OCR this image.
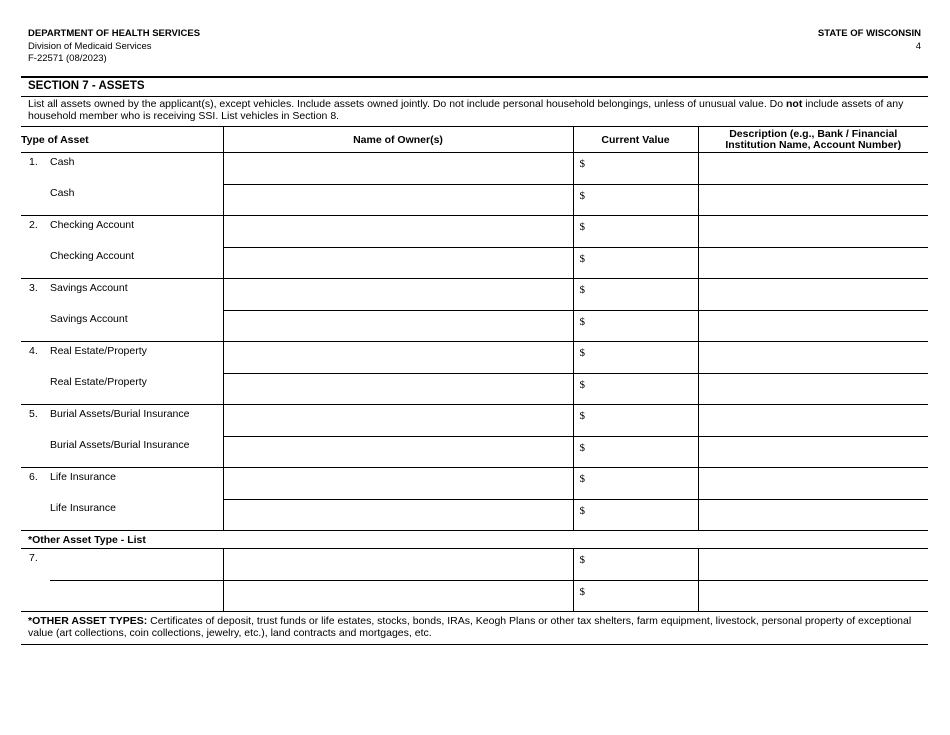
DEPARTMENT OF HEALTH SERVICES
Division of Medicaid Services
F-22571 (08/2023)
STATE OF WISCONSIN
4
SECTION 7 - ASSETS
List all assets owned by the applicant(s), except vehicles. Include assets owned jointly. Do not include personal household belongings, unless of unusual value. Do not include assets of any household member who is receiving SSI. List vehicles in Section 8.
Type of Asset		Name of Owner(s)	Current Value	Description (e.g., Bank / Financial
Institution Name, Account Number)

1.	Cash		$	

	Cash		$	

2.	Checking Account		$	

	Checking Account		$	

3.	Savings Account		$	

	Savings Account		$	

4.	Real Estate/Property		$	

	Real Estate/Property		$	

5.	Burial Assets/Burial Insurance		$	

	Burial Assets/Burial Insurance		$	

6.	Life Insurance		$	

	Life Insurance		$	

*Other Asset Type - List				

7.			$	

			$	

*OTHER ASSET TYPES: Certificates of deposit, trust funds or life estates, stocks, bonds, IRAs, Keogh Plans or other tax shelters, farm equipment, livestock, personal property of exceptional value (art collections, coin collections, jewelry, etc.), land contracts and mortgages, etc.
